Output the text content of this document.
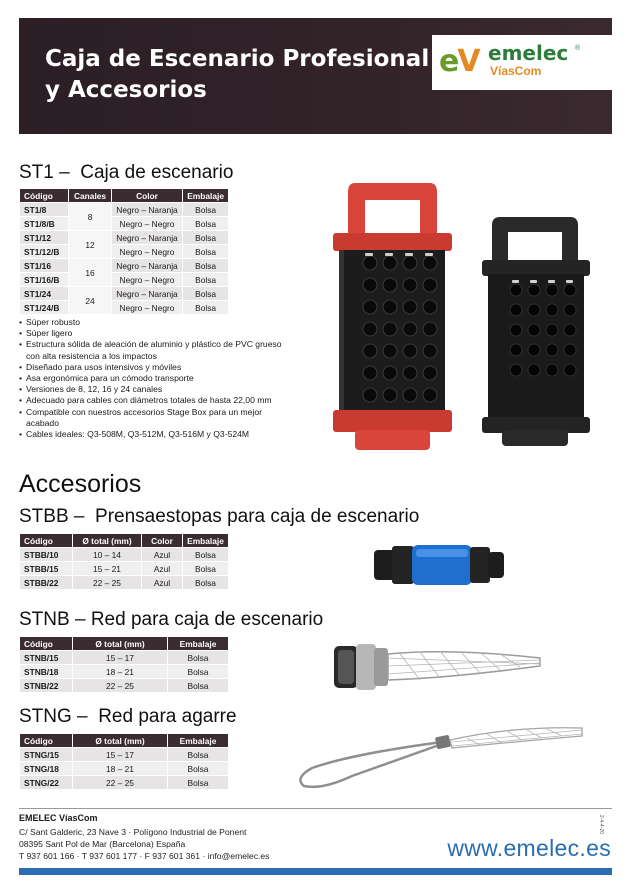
Caja de Escenario Profesional
y Accesorios
eV emelec ®
VíasCom
ST1 – Caja de escenario
Código	Canales	Color	Embalaje
ST1/8	8	Negro – Naranja	Bolsa
ST1/8/B		Negro – Negro	Bolsa
ST1/12	12	Negro – Naranja	Bolsa
ST1/12/B		Negro – Negro	Bolsa
ST1/16	16	Negro – Naranja	Bolsa
ST1/16/B		Negro – Negro	Bolsa
ST1/24	24	Negro – Naranja	Bolsa
ST1/24/B		Negro – Negro	Bolsa
• Súper robusto
• Súper ligero
• Estructura sólida de aleación de aluminio y plástico de PVC grueso con alta resistencia a los impactos
• Diseñado para usos intensivos y móviles
• Asa ergonómica para un cómodo transporte
• Versiones de 8, 12, 16 y 24 canales
• Adecuado para cables con diámetros totales de hasta 22,00 mm
• Compatible con nuestros accesorios Stage Box para un mejor acabado
• Cables ideales: Q3-508M, Q3-512M, Q3-516M y Q3-524M
Accesorios
STBB – Prensaestopas para caja de escenario
Código	Ø total (mm)	Color	Embalaje
STBB/10	10 – 14	Azul	Bolsa
STBB/15	15 – 21	Azul	Bolsa
STBB/22	22 – 25	Azul	Bolsa
STNB – Red para caja de escenario
Código	Ø total (mm)	Embalaje
STNB/15	15 – 17	Bolsa
STNB/18	18 – 21	Bolsa
STNB/22	22 – 25	Bolsa
STNG – Red para agarre
Código	Ø total (mm)	Embalaje
STNG/15	15 – 17	Bolsa
STNG/18	18 – 21	Bolsa
STNG/22	22 – 25	Bolsa
EMELEC VíasCom
C/ Sant Galderic, 23 Nave 3 · Polígono Industrial de Ponent
08395 Sant Pol de Mar (Barcelona) España
T 937 601 166 · T 937 601 177 · F 937 601 361 · info@emelec.es	www.emelec.es
2-4-4-20
